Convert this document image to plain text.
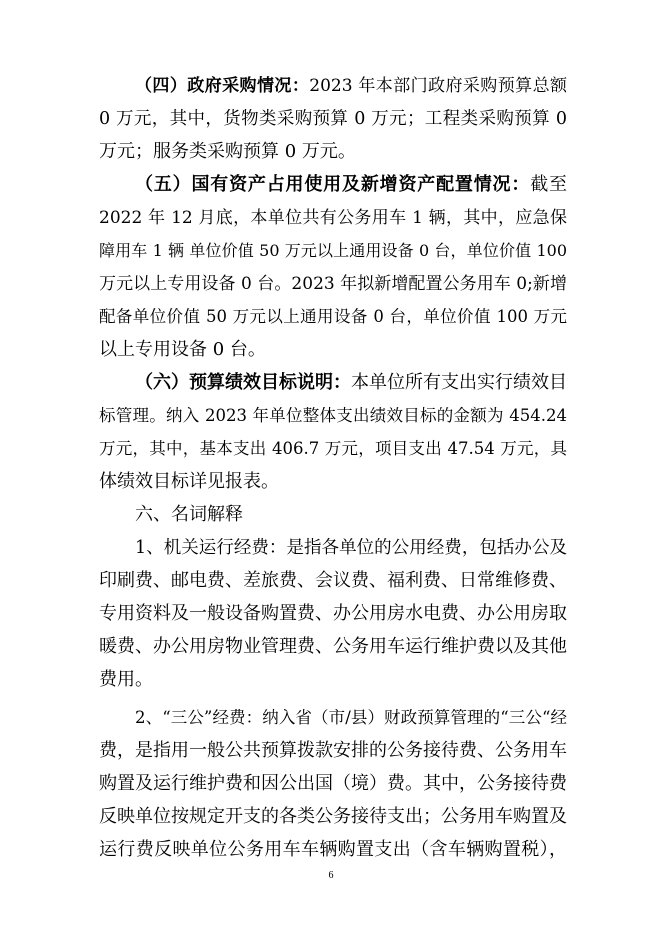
（四）政府采购情况：2023 年本部门政府采购预算总额
0 万元，其中，货物类采购预算 0 万元；工程类采购预算 0
万元；服务类采购预算 0 万元。
（五）国有资产占用使用及新增资产配置情况：截至
2022 年 12 月底，本单位共有公务用车 1 辆，其中，应急保
障用车 1 辆 单位价值 50 万元以上通用设备 0 台，单位价值 100
万元以上专用设备 0 台。2023 年拟新增配置公务用车 0;新增
配备单位价值 50 万元以上通用设备 0 台，单位价值 100 万元
以上专用设备 0 台。
（六）预算绩效目标说明：本单位所有支出实行绩效目
标管理。纳入 2023 年单位整体支出绩效目标的金额为 454.24
万元，其中，基本支出 406.7 万元，项目支出 47.54 万元，具
体绩效目标详见报表。
六、名词解释
1、机关运行经费：是指各单位的公用经费，包括办公及
印刷费、邮电费、差旅费、会议费、福利费、日常维修费、
专用资料及一般设备购置费、办公用房水电费、办公用房取
暖费、办公用房物业管理费、公务用车运行维护费以及其他
费用。
2、“三公”经费：纳入省（市/县）财政预算管理的“三公“经
费，是指用一般公共预算拨款安排的公务接待费、公务用车
购置及运行维护费和因公出国（境）费。其中，公务接待费
反映单位按规定开支的各类公务接待支出；公务用车购置及
运行费反映单位公务用车车辆购置支出（含车辆购置税），
6
